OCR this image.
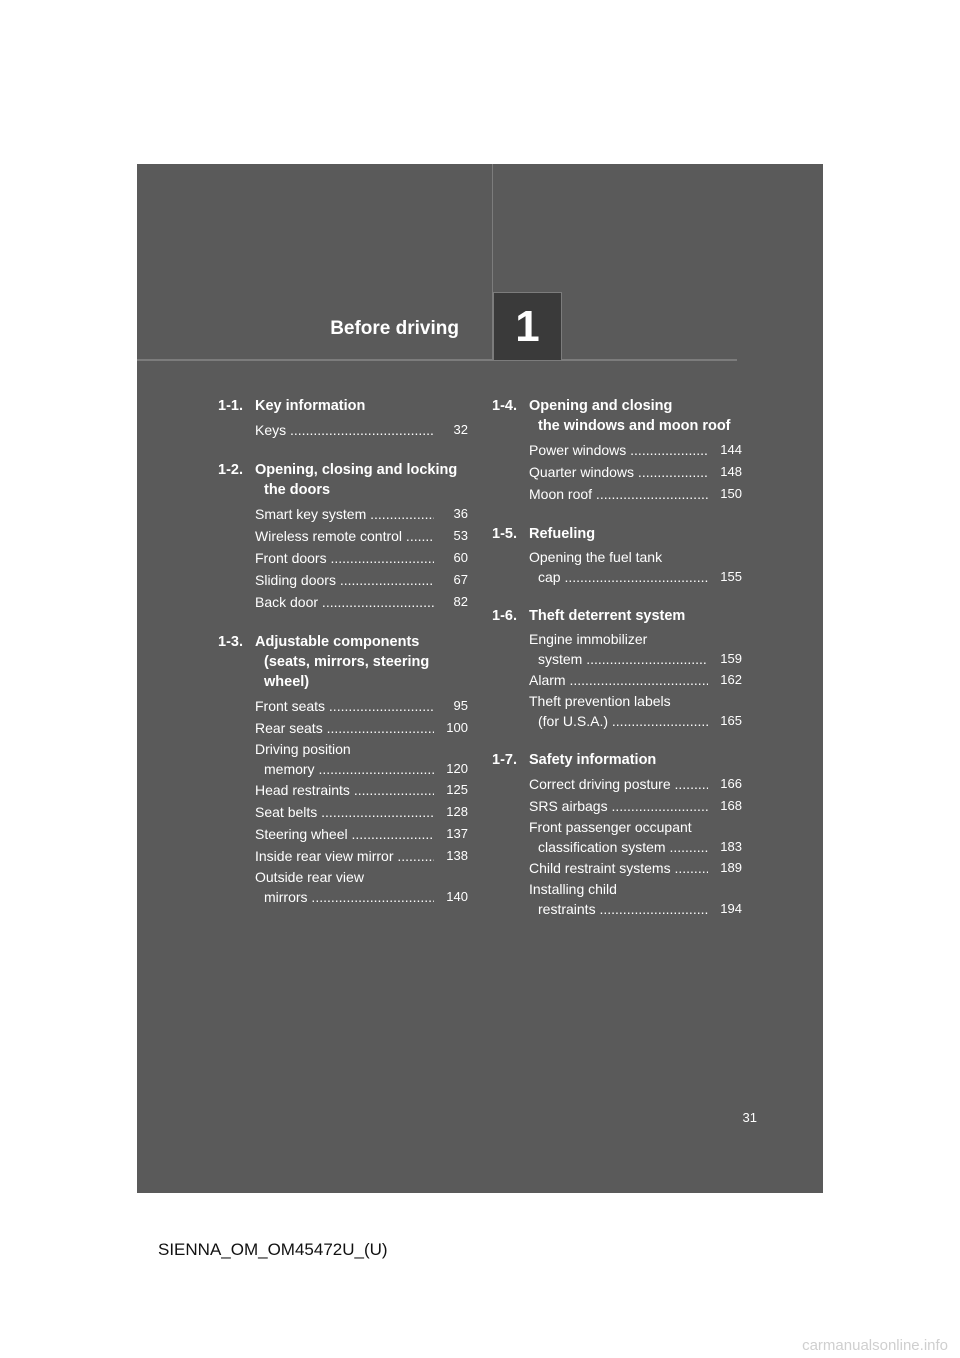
Before driving	1
1-1. Key information
Keys .....	32
1-2. Opening, closing and locking
the doors
Smart key system .....	36
Wireless remote control .....	53
Front doors .....	60
Sliding doors .....	67
Back door .....	82
1-3. Adjustable components
(seats, mirrors, steering
wheel)
Front seats .....	95
Rear seats .....	100
Driving position
memory .....	120
Head restraints .....	125
Seat belts .....	128
Steering wheel .....	137
Inside rear view mirror .....	138
Outside rear view
mirrors .....	140
1-4. Opening and closing
the windows and moon roof
Power windows .....	144
Quarter windows .....	148
Moon roof .....	150
1-5. Refueling
Opening the fuel tank
cap .....	155
1-6. Theft deterrent system
Engine immobilizer
system .....	159
Alarm .....	162
Theft prevention labels
(for U.S.A.) .....	165
1-7. Safety information
Correct driving posture .....	166
SRS airbags .....	168
Front passenger occupant
classification system .....	183
Child restraint systems .....	189
Installing child
restraints .....	194
31
SIENNA_OM_OM45472U_(U)
carmanualsonline.info
